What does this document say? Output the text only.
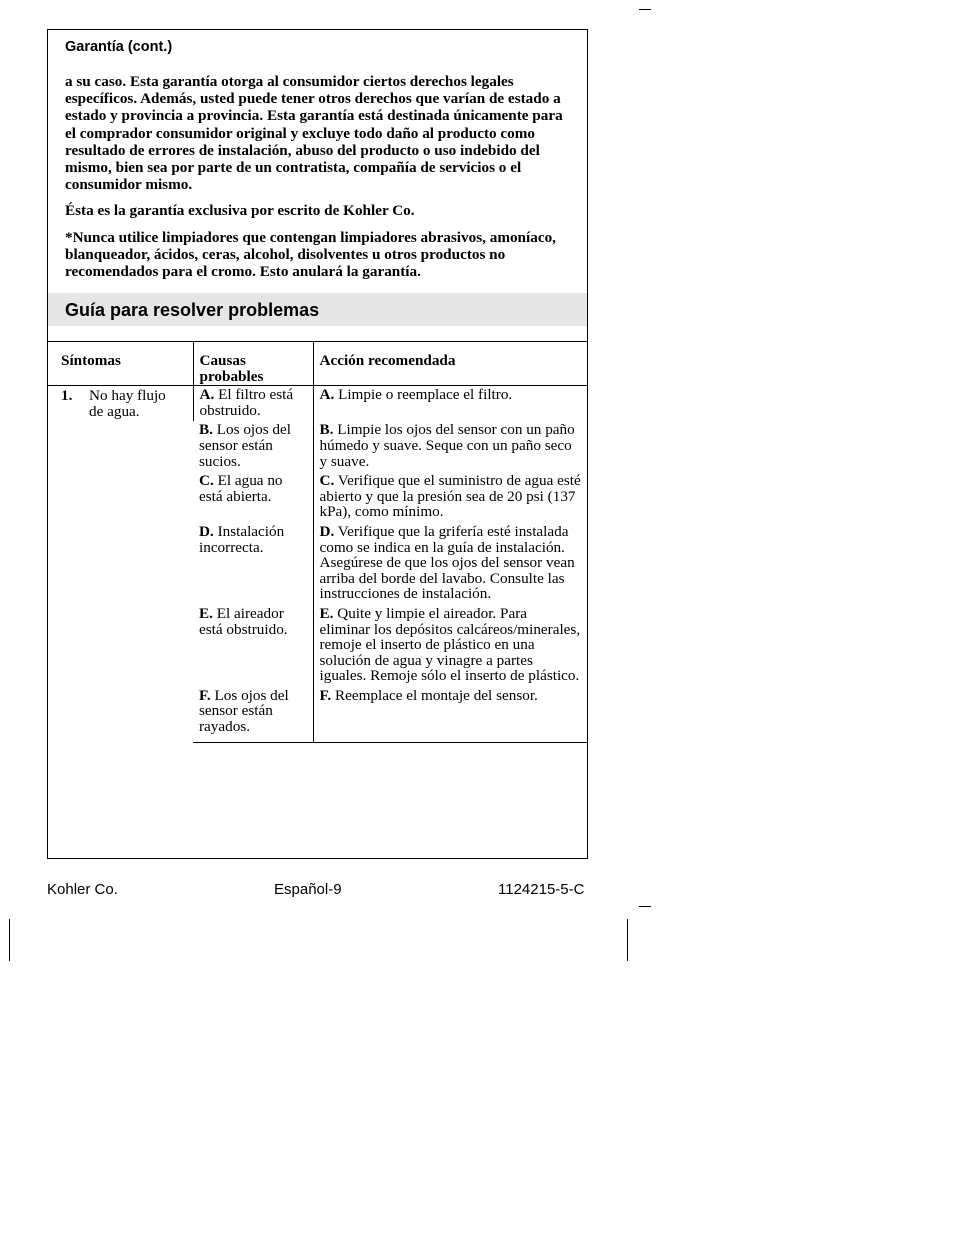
Garantía (cont.)

a su caso. Esta garantía otorga al consumidor ciertos derechos legales específicos. Además, usted puede tener otros derechos que varían de estado a estado y provincia a provincia. Esta garantía está destinada únicamente para el comprador consumidor original y excluye todo daño al producto como resultado de errores de instalación, abuso del producto o uso indebido del mismo, bien sea por parte de un contratista, compañía de servicios o el consumidor mismo.

Ésta es la garantía exclusiva por escrito de Kohler Co.

*Nunca utilice limpiadores que contengan limpiadores abrasivos, amoníaco, blanqueador, ácidos, ceras, alcohol, disolventes u otros productos no recomendados para el cromo. Esto anulará la garantía.

Guía para resolver problemas
Síntomas	Causas probables	Acción recomendada

1. No hay flujo de agua.	A. El filtro está obstruido.	A. Limpie o reemplace el filtro.
	B. Los ojos del sensor están sucios.	B. Limpie los ojos del sensor con un paño húmedo y suave. Seque con un paño seco y suave.
	C. El agua no está abierta.	C. Verifique que el suministro de agua esté abierto y que la presión sea de 20 psi (137 kPa), como mínimo.
	D. Instalación incorrecta.	D. Verifique que la grifería esté instalada como se indica en la guía de instalación. Asegúrese de que los ojos del sensor vean arriba del borde del lavabo. Consulte las instrucciones de instalación.
	E. El aireador está obstruido.	E. Quite y limpie el aireador. Para eliminar los depósitos calcáreos/minerales, remoje el inserto de plástico en una solución de agua y vinagre a partes iguales. Remoje sólo el inserto de plástico.
	F. Los ojos del sensor están rayados.	F. Reemplace el montaje del sensor.
Kohler Co.	Español-9	1124215-5-C
